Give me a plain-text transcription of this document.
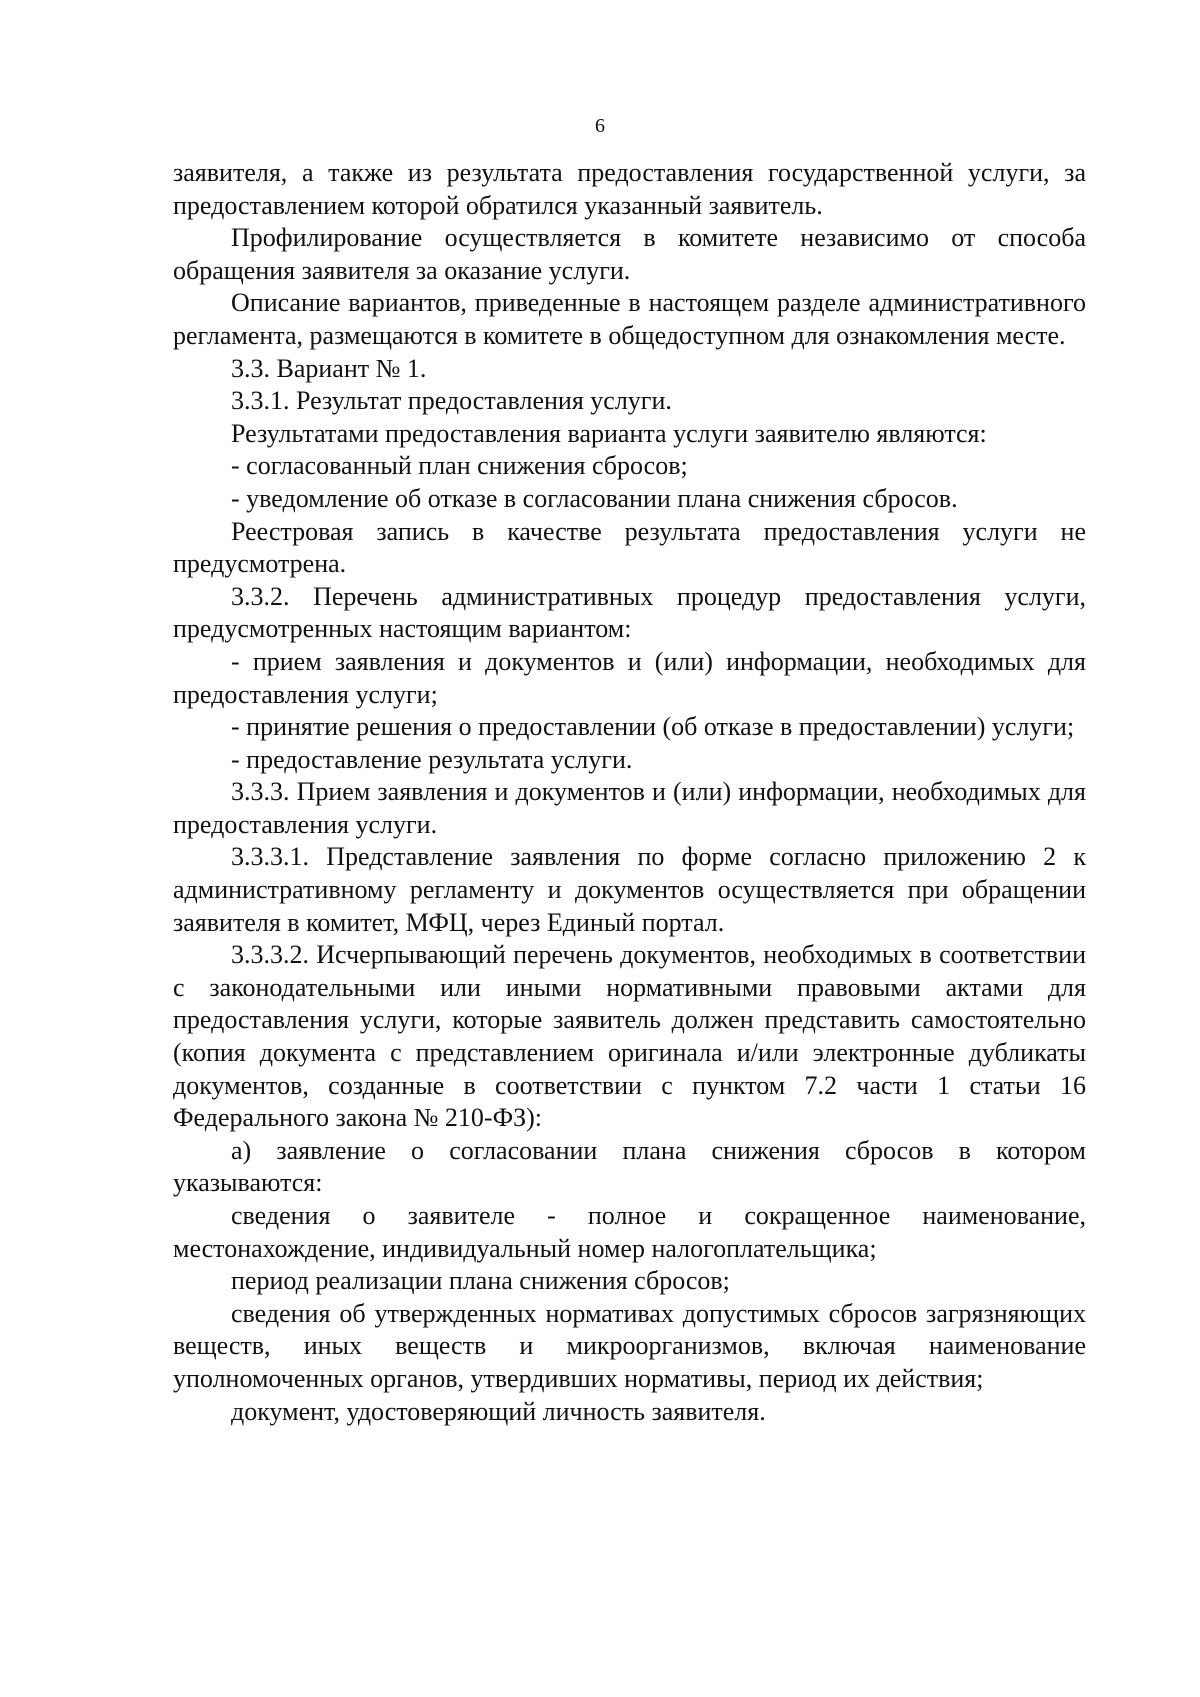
6

заявителя, а также из результата предоставления государственной услуги, за предоставлением которой обратился указанный заявитель.

Профилирование осуществляется в комитете независимо от способа обращения заявителя за оказание услуги.

Описание вариантов, приведенные в настоящем разделе административного регламента, размещаются в комитете в общедоступном для ознакомления месте.

3.3. Вариант № 1.

3.3.1. Результат предоставления услуги.

Результатами предоставления варианта услуги заявителю являются:

- согласованный план снижения сбросов;

- уведомление об отказе в согласовании плана снижения сбросов.

Реестровая запись в качестве результата предоставления услуги не предусмотрена.

3.3.2. Перечень административных процедур предоставления услуги, предусмотренных настоящим вариантом:

- прием заявления и документов и (или) информации, необходимых для предоставления услуги;

- принятие решения о предоставлении (об отказе в предоставлении) услуги;

- предоставление результата услуги.

3.3.3. Прием заявления и документов и (или) информации, необходимых для предоставления услуги.

3.3.3.1. Представление заявления по форме согласно приложению 2 к административному регламенту и документов осуществляется при обращении заявителя в комитет, МФЦ, через Единый портал.

3.3.3.2. Исчерпывающий перечень документов, необходимых в соответствии с законодательными или иными нормативными правовыми актами для предоставления услуги, которые заявитель должен представить самостоятельно (копия документа с представлением оригинала и/или электронные дубликаты документов, созданные в соответствии с пунктом 7.2 части 1 статьи 16 Федерального закона № 210-ФЗ):

а) заявление о согласовании плана снижения сбросов в котором указываются:

сведения о заявителе - полное и сокращенное наименование, местонахождение, индивидуальный номер налогоплательщика;

период реализации плана снижения сбросов;

сведения об утвержденных нормативах допустимых сбросов загрязняющих веществ, иных веществ и микроорганизмов, включая наименование уполномоченных органов, утвердивших нормативы, период их действия;

документ, удостоверяющий личность заявителя.
